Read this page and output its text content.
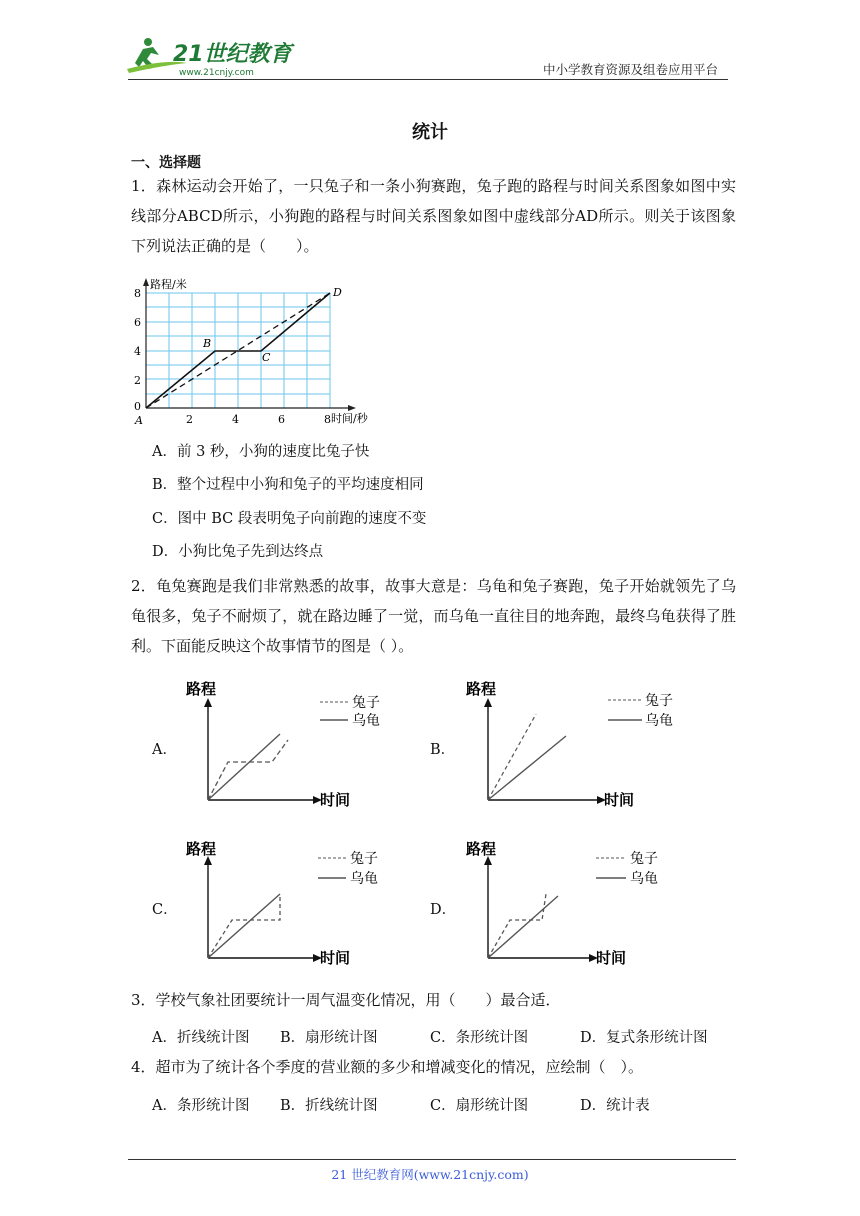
21世纪教育
www.21cnjy.com	中小学教育资源及组卷应用平台
统计
一、选择题
1．森林运动会开始了，一只兔子和一条小狗赛跑，兔子跑的路程与时间关系图象如图中实线部分ABCD所示，小狗跑的路程与时间关系图象如图中虚线部分AD所示。则关于该图象下列说法正确的是（　　）。
路程/米
时间/秒
8
6
4
2
0
2	4	6	8
A
B
C
D
A．前 3 秒，小狗的速度比兔子快
B．整个过程中小狗和兔子的平均速度相同
C．图中 BC 段表明兔子向前跑的速度不变
D．小狗比兔子先到达终点
2．龟兔赛跑是我们非常熟悉的故事，故事大意是：乌龟和兔子赛跑，兔子开始就领先了乌龟很多，兔子不耐烦了，就在路边睡了一觉，而乌龟一直往目的地奔跑，最终乌龟获得了胜利。下面能反映这个故事情节的图是（ ）。
A．
路程
时间
兔子
乌龟
B．
路程
时间
兔子
乌龟
C．
路程
时间
兔子
乌龟
D．
路程
时间
兔子
乌龟
3．学校气象社团要统计一周气温变化情况，用（　　）最合适．
A．折线统计图 B．扇形统计图	C．条形统计图	D．复式条形统计图
4．超市为了统计各个季度的营业额的多少和增减变化的情况，应绘制（　）。
A．条形统计图 B．折线统计图	C．扇形统计图	D．统计表
21 世纪教育网(www.21cnjy.com)
